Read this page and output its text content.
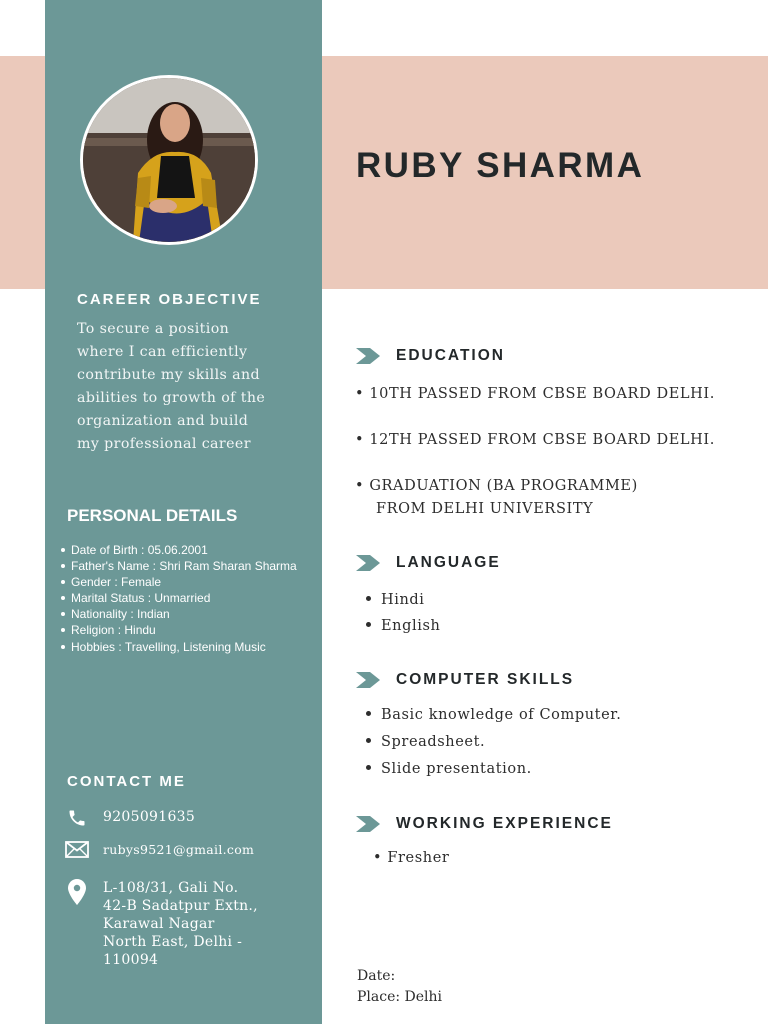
CAREER OBJECTIVE

To secure a position
where I can efficiently
contribute my skills and
abilities to growth of the
organization and build
my professional career

PERSONAL DETAILS
Date of Birth : 05.06.2001
Father's Name : Shri Ram Sharan Sharma
Gender : Female
Marital Status : Unmarried
Nationality : Indian
Religion : Hindu
Hobbies : Travelling, Listening Music
CONTACT ME
9205091635
rubys9521@gmail.com
L-108/31, Gali No.
42-B Sadatpur Extn.,
Karawal Nagar
North East, Delhi -
110094
RUBY SHARMA
EDUCATION

• 10TH PASSED FROM CBSE BOARD DELHI.

• 12TH PASSED FROM CBSE BOARD DELHI.

• GRADUATION (BA PROGRAMME)

FROM DELHI UNIVERSITY

LANGUAGE
Hindi
English
COMPUTER SKILLS
Basic knowledge of Computer.
Spreadsheet.
Slide presentation.
WORKING EXPERIENCE

• Fresher

Date:

Place: Delhi
